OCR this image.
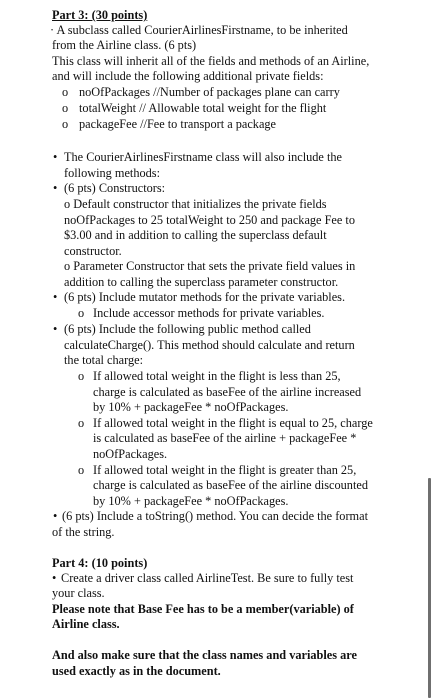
Part 3: (30 points)
· A subclass called CourierAirlinesFirstname, to be inherited
from the Airline class. (6 pts)
This class will inherit all of the fields and methods of an Airline,
and will include the following additional private fields:
o noOfPackages //Number of packages plane can carry
o totalWeight // Allowable total weight for the flight
o packageFee //Fee to transport a package
• The CourierAirlinesFirstname class will also include the
following methods:
• (6 pts) Constructors:
o Default constructor that initializes the private fields
noOfPackages to 25 totalWeight to 250 and package Fee to
$3.00 and in addition to calling the superclass default
constructor.
o Parameter Constructor that sets the private field values in
addition to calling the superclass parameter constructor.
• (6 pts) Include mutator methods for the private variables.
o Include accessor methods for private variables.
• (6 pts) Include the following public method called
calculateCharge(). This method should calculate and return
the total charge:
o If allowed total weight in the flight is less than 25,
charge is calculated as baseFee of the airline increased
by 10% + packageFee * noOfPackages.
o If allowed total weight in the flight is equal to 25, charge
is calculated as baseFee of the airline + packageFee *
noOfPackages.
o If allowed total weight in the flight is greater than 25,
charge is calculated as baseFee of the airline discounted
by 10% + packageFee * noOfPackages.
• (6 pts) Include a toString() method. You can decide the format
of the string.
Part 4: (10 points)
• Create a driver class called AirlineTest. Be sure to fully test
your class.
Please note that Base Fee has to be a member(variable) of
Airline class.
And also make sure that the class names and variables are
used exactly as in the document.
